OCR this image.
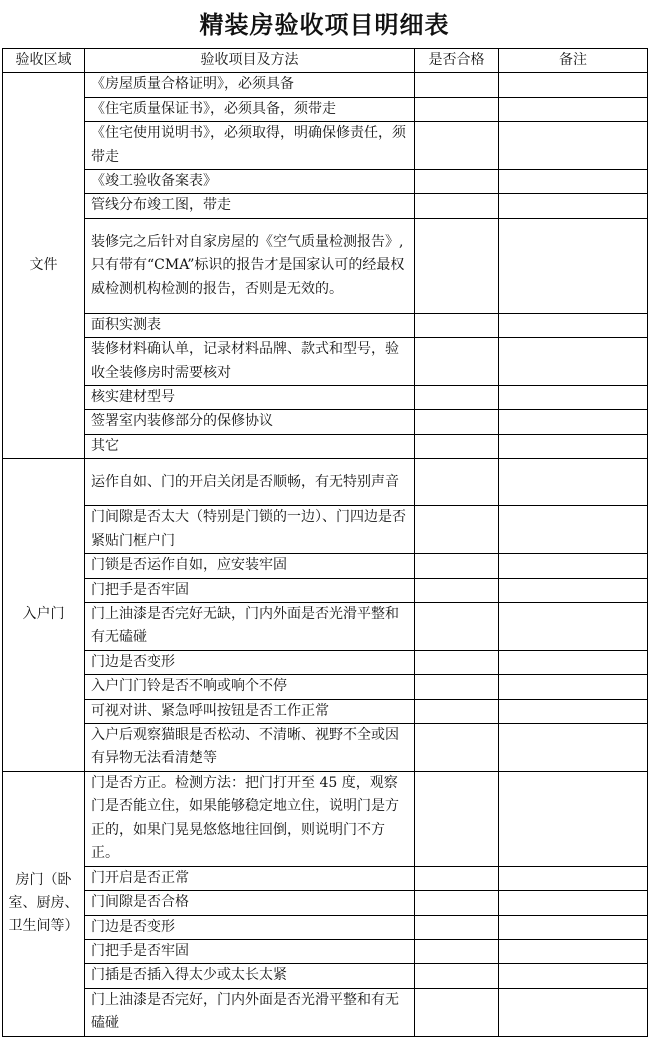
精装房验收项目明细表
验收区域	验收项目及方法	是否合格	备注
文件	《房屋质量合格证明》，必须具备		
	《住宅质量保证书》，必须具备，须带走		
	《住宅使用说明书》，必须取得，明确保修责任，须带走		
	《竣工验收备案表》		
	管线分布竣工图，带走		
	装修完之后针对自家房屋的《空气质量检测报告》,只有带有“CMA”标识的报告才是国家认可的经最权威检测机构检测的报告，否则是无效的。		
	面积实测表		
	装修材料确认单，记录材料品牌、款式和型号，验收全装修房时需要核对		
	核实建材型号		
	签署室内装修部分的保修协议		
	其它		
入户门	运作自如、门的开启关闭是否顺畅，有无特别声音		
	门间隙是否太大（特别是门锁的一边）、门四边是否紧贴门框户门		
	门锁是否运作自如，应安装牢固		
	门把手是否牢固		
	门上油漆是否完好无缺，门内外面是否光滑平整和有无磕碰		
	门边是否变形		
	入户门门铃是否不响或响个不停		
	可视对讲、紧急呼叫按钮是否工作正常		
	入户后观察猫眼是否松动、不清晰、视野不全或因有异物无法看清楚等		
房门（卧室、厨房、卫生间等）	门是否方正。检测方法：把门打开至 45 度，观察门是否能立住，如果能够稳定地立住，说明门是方正的，如果门晃晃悠悠地往回倒，则说明门不方正。		
	门开启是否正常		
	门间隙是否合格		
	门边是否变形		
	门把手是否牢固		
	门插是否插入得太少或太长太紧		
	门上油漆是否完好，门内外面是否光滑平整和有无磕碰		
